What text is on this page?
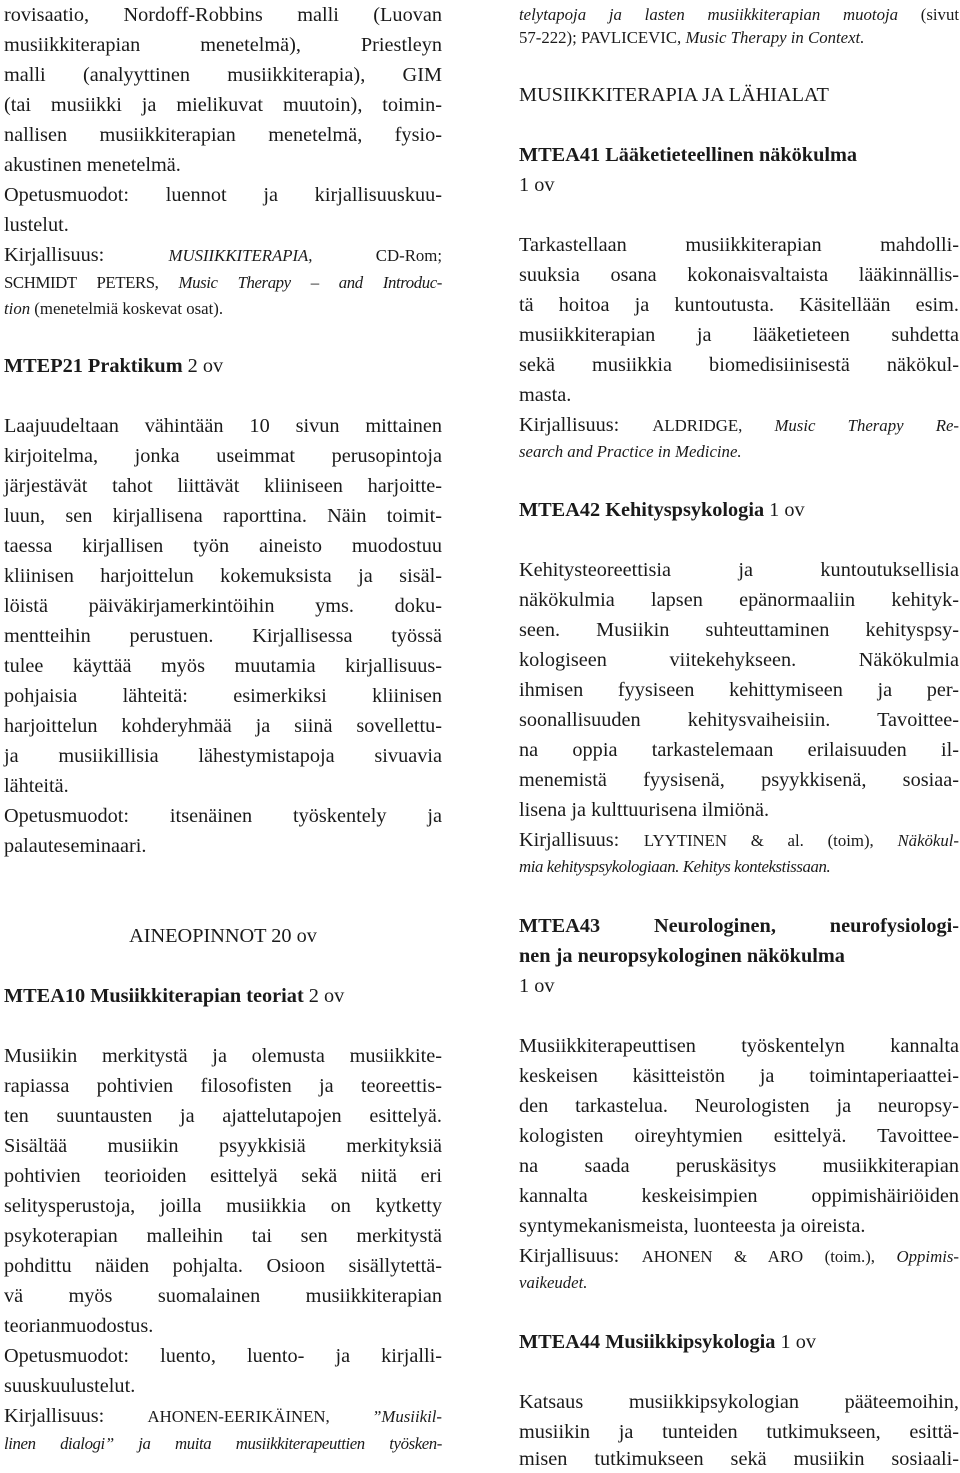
rovisaatio, Nordoff-Robbins malli (Luovan
musiikkiterapian menetelmä), Priestleyn
malli (analyyttinen musiikkiterapia), GIM
(tai musiikki ja mielikuvat muutoin), toimin-
nallisen musiikkiterapian menetelmä, fysio-
akustinen menetelmä.
Opetusmuodot: luennot ja kirjallisuuskuu-
lustelut.
Kirjallisuus: MUSIIKKITERAPIA, CD-Rom;
SCHMIDT PETERS, Music Therapy – and Introduc-
tion (menetelmiä koskevat osat).
MTEP21 Praktikum 2 ov
Laajuudeltaan vähintään 10 sivun mittainen
kirjoitelma, jonka useimmat perusopintoja
järjestävät tahot liittävät kliiniseen harjoitte-
luun, sen kirjallisena raporttina. Näin toimit-
taessa kirjallisen työn aineisto muodostuu
kliinisen harjoittelun kokemuksista ja sisäl-
löistä päiväkirjamerkintöihin yms. doku-
mentteihin perustuen. Kirjallisessa työssä
tulee käyttää myös muutamia kirjallisuus-
pohjaisia lähteitä: esimerkiksi kliinisen
harjoittelun kohderyhmää ja siinä sovellettu-
ja musiikillisia lähestymistapoja sivuavia
lähteitä.
Opetusmuodot: itsenäinen työskentely ja
palauteseminaari.
AINEOPINNOT 20 ov
MTEA10 Musiikkiterapian teoriat 2 ov
Musiikin merkitystä ja olemusta musiikkite-
rapiassa pohtivien filosofisten ja teoreettis-
ten suuntausten ja ajattelutapojen esittelyä.
Sisältää musiikin psyykkisiä merkityksiä
pohtivien teorioiden esittelyä sekä niitä eri
selitysperustoja, joilla musiikkia on kytketty
psykoterapian malleihin tai sen merkitystä
pohdittu näiden pohjalta. Osioon sisällytettä-
vä myös suomalainen musiikkiterapian
teorianmuodostus.
Opetusmuodot: luento, luento- ja kirjalli-
suuskuulustelut.
Kirjallisuus: AHONEN-EERIKÄINEN, ”Musiikil-
linen dialogi” ja muita musiikkiterapeuttien työsken-
telytapoja ja lasten musiikkiterapian muotoja (sivut
57-222); PAVLICEVIC, Music Therapy in Context.
MUSIIKKITERAPIA JA LÄHIALAT
MTEA41 Lääketieteellinen näkökulma
1 ov
Tarkastellaan musiikkiterapian mahdolli-
suuksia osana kokonaisvaltaista lääkinnällis-
tä hoitoa ja kuntoutusta. Käsitellään esim.
musiikkiterapian ja lääketieteen suhdetta
sekä musiikkia biomedisiinisestä näkökul-
masta.
Kirjallisuus: ALDRIDGE, Music Therapy Re-
search and Practice in Medicine.
MTEA42 Kehityspsykologia 1 ov
Kehitysteoreettisia ja kuntoutuksellisia
näkökulmia lapsen epänormaaliin kehityk-
seen. Musiikin suhteuttaminen kehityspsy-
kologiseen viitekehykseen. Näkökulmia
ihmisen fyysiseen kehittymiseen ja per-
soonallisuuden kehitysvaiheisiin. Tavoittee-
na oppia tarkastelemaan erilaisuuden il-
menemistä fyysisenä, psyykkisenä, sosiaa-
lisena ja kulttuurisena ilmiönä.
Kirjallisuus: LYYTINEN & al. (toim), Näkökul-
mia kehityspsykologiaan. Kehitys kontekstissaan.
MTEA43 Neurologinen, neurofysiologi-
nen ja neuropsykologinen näkökulma
1 ov
Musiikkiterapeuttisen työskentelyn kannalta
keskeisen käsitteistön ja toimintaperiaattei-
den tarkastelua. Neurologisten ja neuropsy-
kologisten oireyhtymien esittelyä. Tavoittee-
na saada peruskäsitys musiikkiterapian
kannalta keskeisimpien oppimishäiriöiden
syntymekanismeista, luonteesta ja oireista.
Kirjallisuus: AHONEN & ARO (toim.), Oppimis-
vaikeudet.
MTEA44 Musiikkipsykologia 1 ov
Katsaus musiikkipsykologian pääteemoihin,
musiikin ja tunteiden tutkimukseen, esittä-
misen tutkimukseen sekä musiikin sosiaali-
